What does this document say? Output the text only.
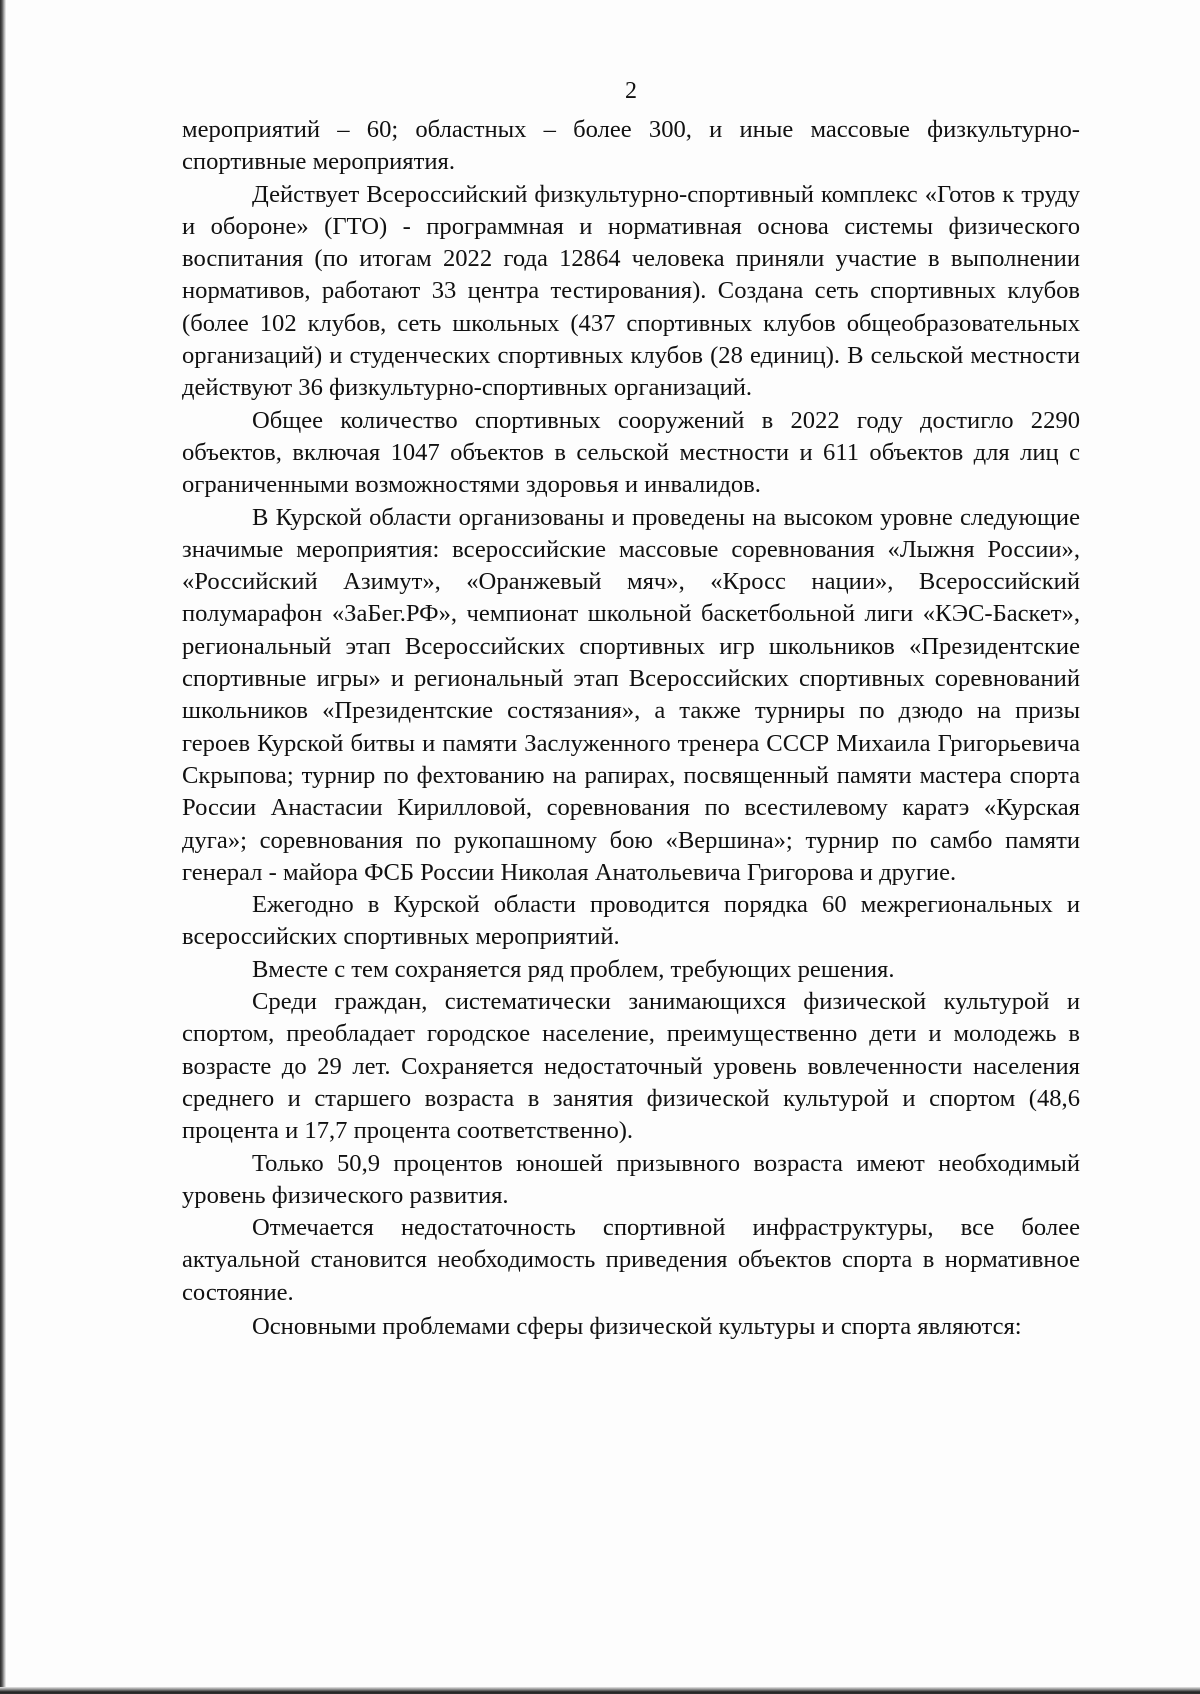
2

мероприятий – 60; областных – более 300, и иные массовые физкультурно-спортивные мероприятия.

Действует Всероссийский физкультурно-спортивный комплекс «Готов к труду и обороне» (ГТО) - программная и нормативная основа системы физического воспитания (по итогам 2022 года 12864 человека приняли участие в выполнении нормативов, работают 33 центра тестирования). Создана сеть спортивных клубов (более 102 клубов, сеть школьных (437 спортивных клубов общеобразовательных организаций) и студенческих спортивных клубов (28 единиц). В сельской местности действуют 36 физкультурно-спортивных организаций.

Общее количество спортивных сооружений в 2022 году достигло 2290 объектов, включая 1047 объектов в сельской местности и 611 объектов для лиц с ограниченными возможностями здоровья и инвалидов.

В Курской области организованы и проведены на высоком уровне следующие значимые мероприятия: всероссийские массовые соревнования «Лыжня России», «Российский Азимут», «Оранжевый мяч», «Кросс нации», Всероссийский полумарафон «ЗаБег.РФ», чемпионат школьной баскетбольной лиги «КЭС-Баскет», региональный этап Всероссийских спортивных игр школьников «Президентские спортивные игры» и региональный этап Всероссийских спортивных соревнований школьников «Президентские состязания», а также турниры по дзюдо на призы героев Курской битвы и памяти Заслуженного тренера СССР Михаила Григорьевича Скрыпова; турнир по фехтованию на рапирах, посвященный памяти мастера спорта России Анастасии Кирилловой, соревнования по всестилевому каратэ «Курская дуга»; соревнования по рукопашному бою «Вершина»; турнир по самбо памяти генерал - майора ФСБ России Николая Анатольевича Григорова и другие.

Ежегодно в Курской области проводится порядка 60 межрегиональных и всероссийских спортивных мероприятий.

Вместе с тем сохраняется ряд проблем, требующих решения.

Среди граждан, систематически занимающихся физической культурой и спортом, преобладает городское население, преимущественно дети и молодежь в возрасте до 29 лет. Сохраняется недостаточный уровень вовлеченности населения среднего и старшего возраста в занятия физической культурой и спортом (48,6 процента и 17,7 процента соответственно).

Только 50,9 процентов юношей призывного возраста имеют необходимый уровень физического развития.

Отмечается недостаточность спортивной инфраструктуры, все более актуальной становится необходимость приведения объектов спорта в нормативное состояние.

Основными проблемами сферы физической культуры и спорта являются:
